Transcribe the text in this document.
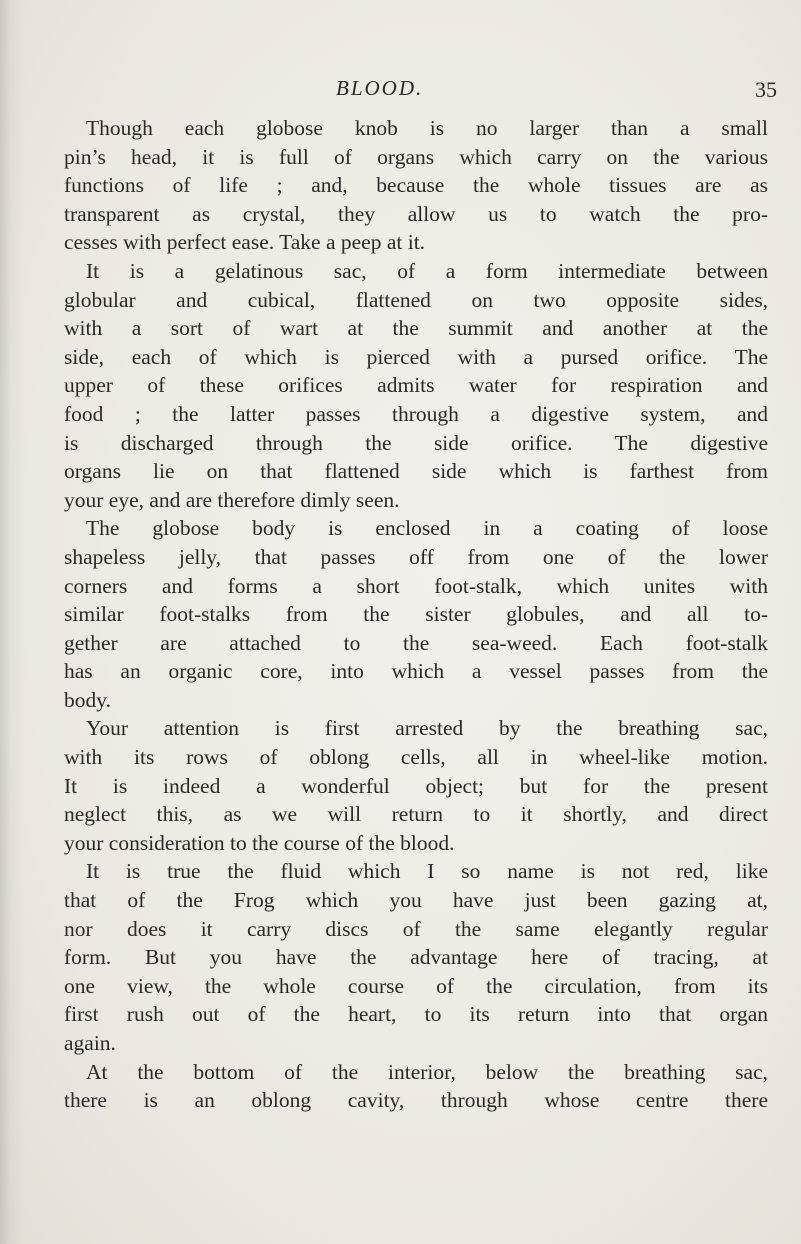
BLOOD.	35
Though each globose knob is no larger than a small
pin’s head, it is full of organs which carry on the various
functions of life ; and, because the whole tissues are as
transparent as crystal, they allow us to watch the pro-
cesses with perfect ease. Take a peep at it.
It is a gelatinous sac, of a form intermediate between
globular and cubical, flattened on two opposite sides,
with a sort of wart at the summit and another at the
side, each of which is pierced with a pursed orifice. The
upper of these orifices admits water for respiration and
food ; the latter passes through a digestive system, and
is discharged through the side orifice. The digestive
organs lie on that flattened side which is farthest from
your eye, and are therefore dimly seen.
The globose body is enclosed in a coating of loose
shapeless jelly, that passes off from one of the lower
corners and forms a short foot-stalk, which unites with
similar foot-stalks from the sister globules, and all to-
gether are attached to the sea-weed. Each foot-stalk
has an organic core, into which a vessel passes from the
body.
Your attention is first arrested by the breathing sac,
with its rows of oblong cells, all in wheel-like motion.
It is indeed a wonderful object; but for the present
neglect this, as we will return to it shortly, and direct
your consideration to the course of the blood.
It is true the fluid which I so name is not red, like
that of the Frog which you have just been gazing at,
nor does it carry discs of the same elegantly regular
form. But you have the advantage here of tracing, at
one view, the whole course of the circulation, from its
first rush out of the heart, to its return into that organ
again.
At the bottom of the interior, below the breathing sac,
there is an oblong cavity, through whose centre there
